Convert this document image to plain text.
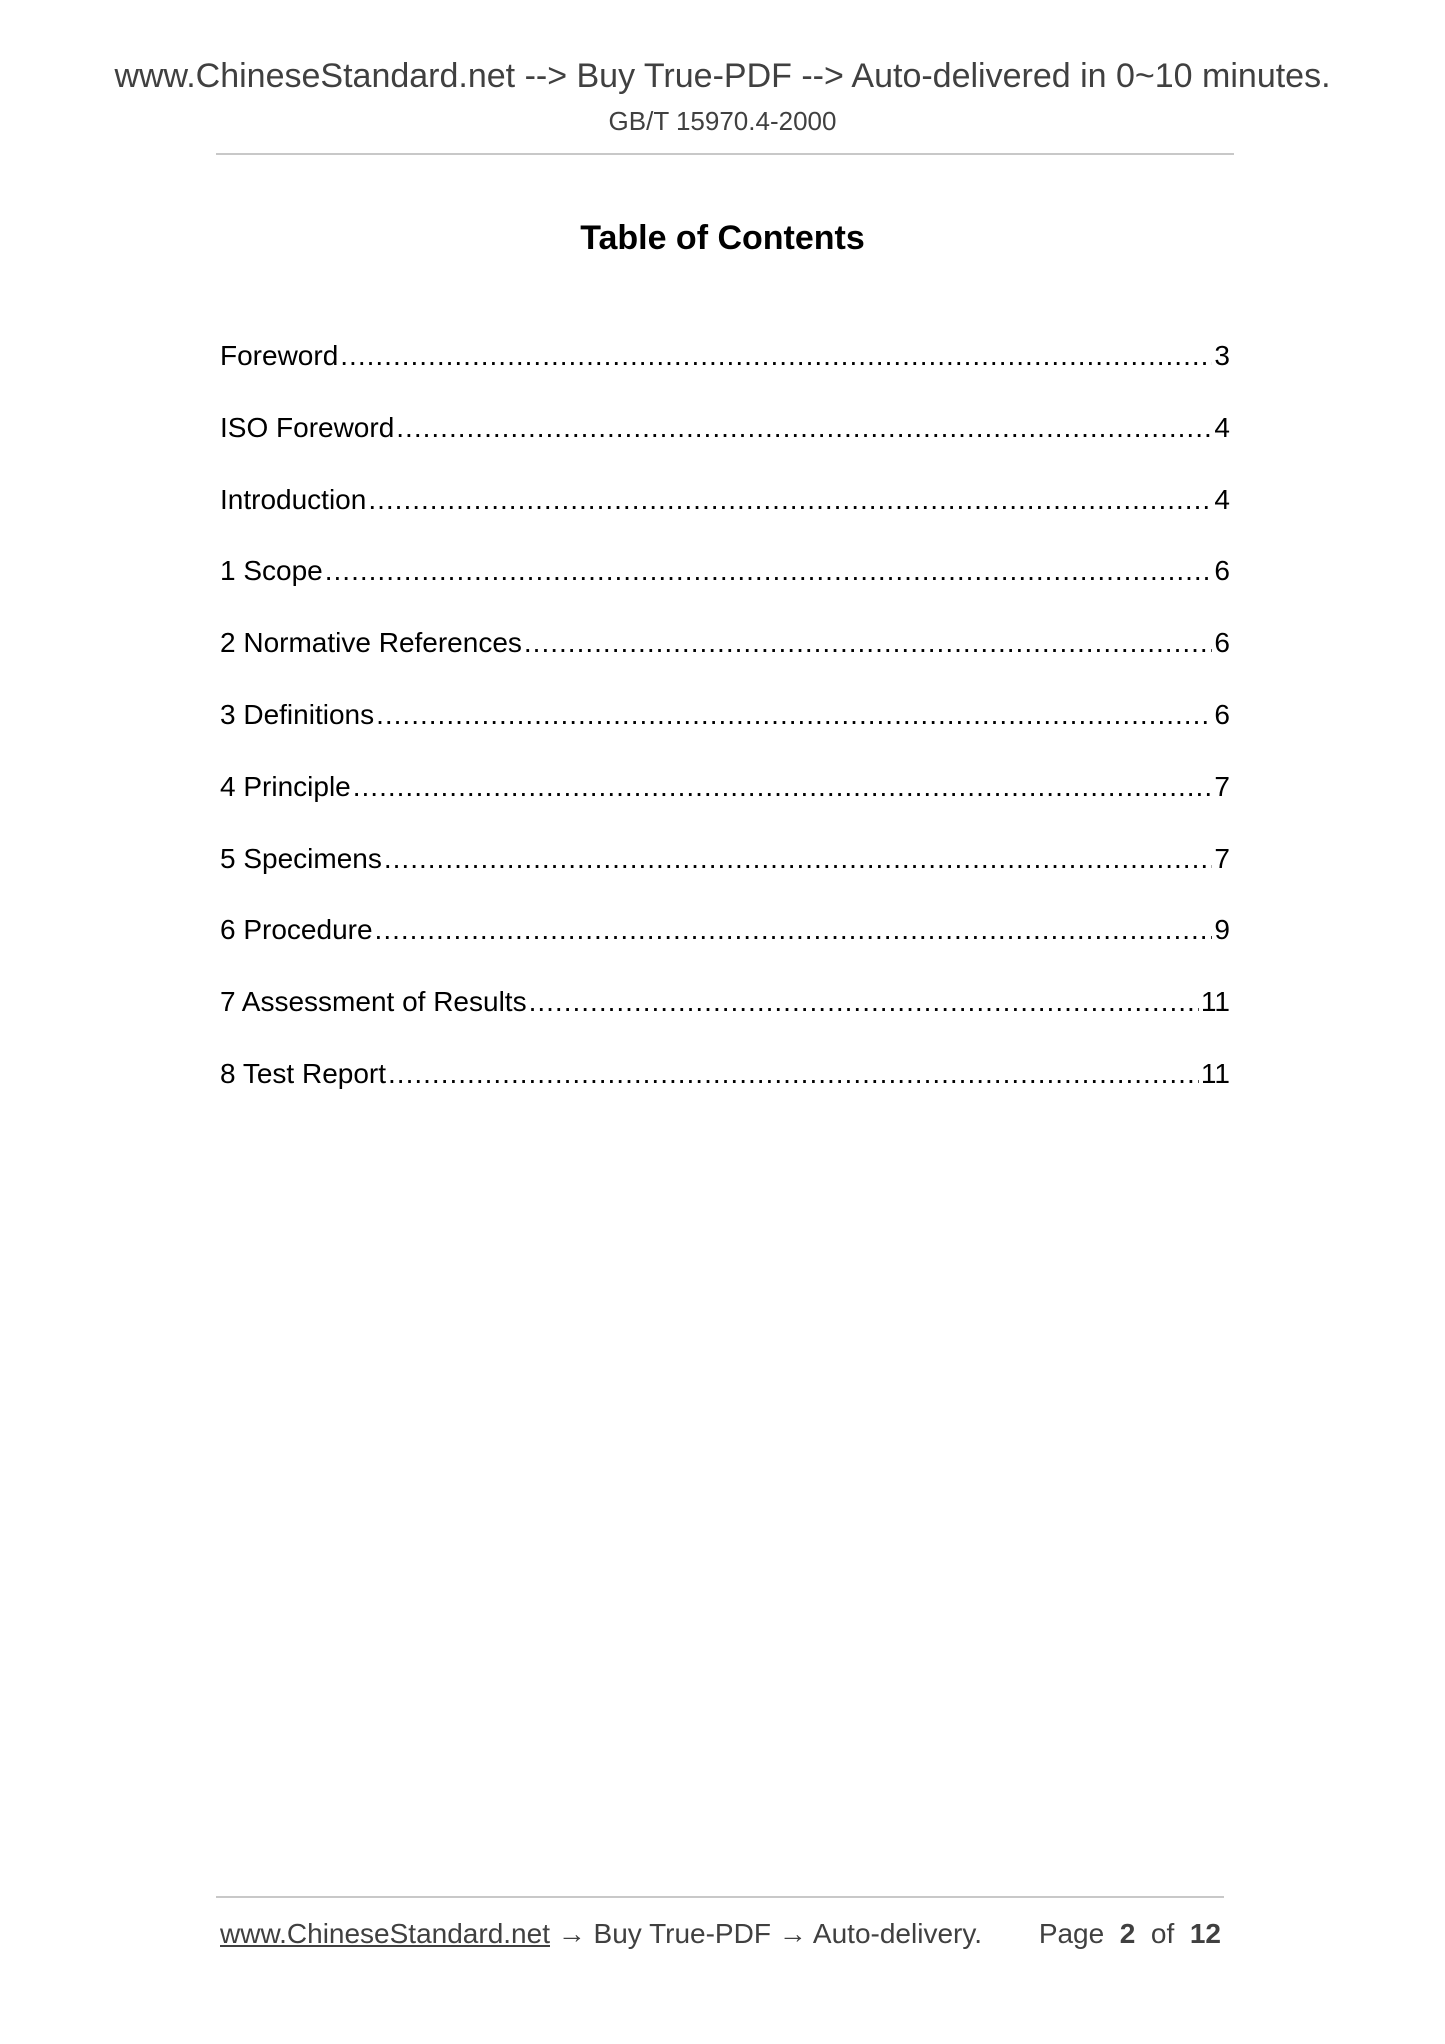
www.ChineseStandard.net --> Buy True-PDF --> Auto-delivered in 0~10 minutes.
GB/T 15970.4-2000
Table of Contents
Foreword .....	3
ISO Foreword .....	4
Introduction .....	4
1 Scope .....	6
2 Normative References .....	6
3 Definitions .....	6
4 Principle .....	7
5 Specimens .....	7
6 Procedure .....	9
7 Assessment of Results .....	11
8 Test Report .....	11
www.ChineseStandard.net → Buy True-PDF → Auto-delivery. Page 2 of 12
